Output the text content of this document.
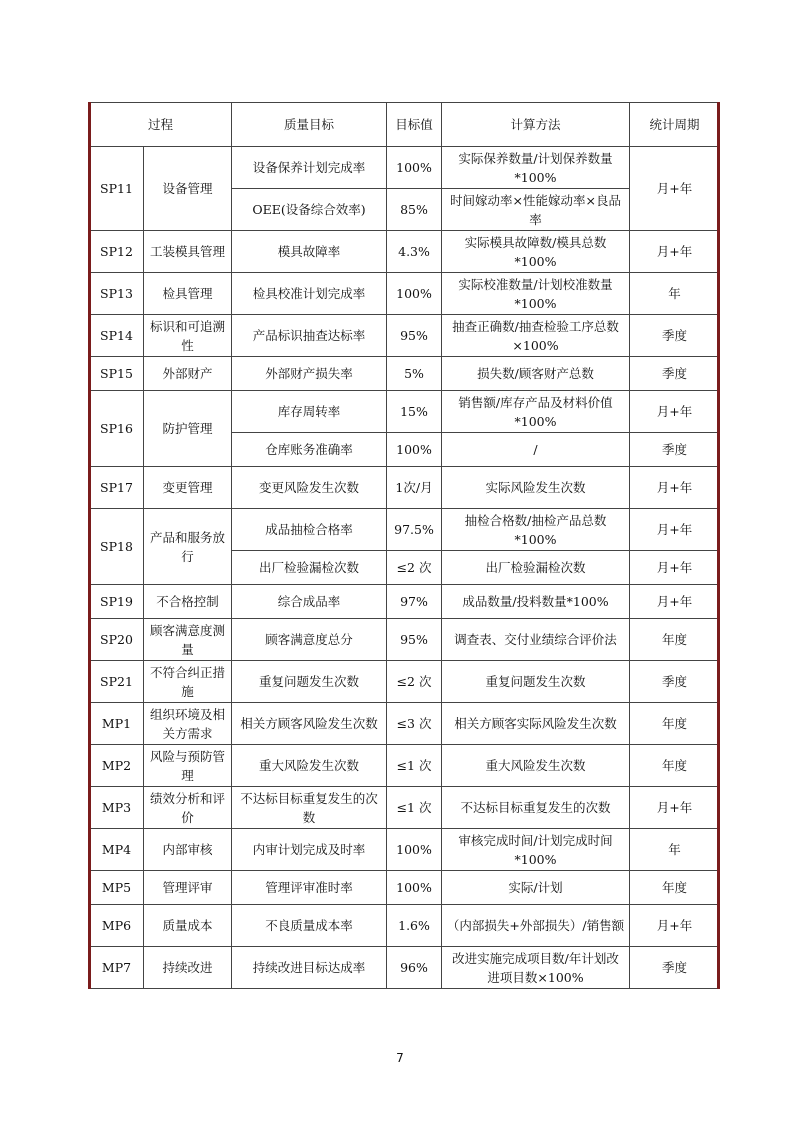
过程		质量目标	目标值	计算方法	统计周期
SP11	设备管理	设备保养计划完成率	100%	实际保养数量/计划保养数量*100%	月+年
		OEE(设备综合效率)	85%	时间嫁动率×性能嫁动率×良品率	
SP12	工装模具管理	模具故障率	4.3%	实际模具故障数/模具总数*100%	月+年
SP13	检具管理	检具校准计划完成率	100%	实际校准数量/计划校准数量*100%	年
SP14	标识和可追溯性	产品标识抽查达标率	95%	抽查正确数/抽查检验工序总数×100%	季度
SP15	外部财产	外部财产损失率	5%	损失数/顾客财产总数	季度
SP16	防护管理	库存周转率	15%	销售额/库存产品及材料价值*100%	月+年
		仓库账务准确率	100%	/	季度
SP17	变更管理	变更风险发生次数	1次/月	实际风险发生次数	月+年
SP18	产品和服务放行	成品抽检合格率	97.5%	抽检合格数/抽检产品总数*100%	月+年
		出厂检验漏检次数	≤2 次	出厂检验漏检次数	月+年
SP19	不合格控制	综合成品率	97%	成品数量/投料数量*100%	月+年
SP20	顾客满意度测量	顾客满意度总分	95%	调查表、交付业绩综合评价法	年度
SP21	不符合纠正措施	重复问题发生次数	≤2 次	重复问题发生次数	季度
MP1	组织环境及相关方需求	相关方顾客风险发生次数	≤3 次	相关方顾客实际风险发生次数	年度
MP2	风险与预防管理	重大风险发生次数	≤1 次	重大风险发生次数	年度
MP3	绩效分析和评价	不达标目标重复发生的次数	≤1 次	不达标目标重复发生的次数	月+年
MP4	内部审核	内审计划完成及时率	100%	审核完成时间/计划完成时间*100%	年
MP5	管理评审	管理评审准时率	100%	实际/计划	年度
MP6	质量成本	不良质量成本率	1.6%	（内部损失+外部损失）/销售额	月+年
MP7	持续改进	持续改进目标达成率	96%	改进实施完成项目数/年计划改进项目数×100%	季度
7
